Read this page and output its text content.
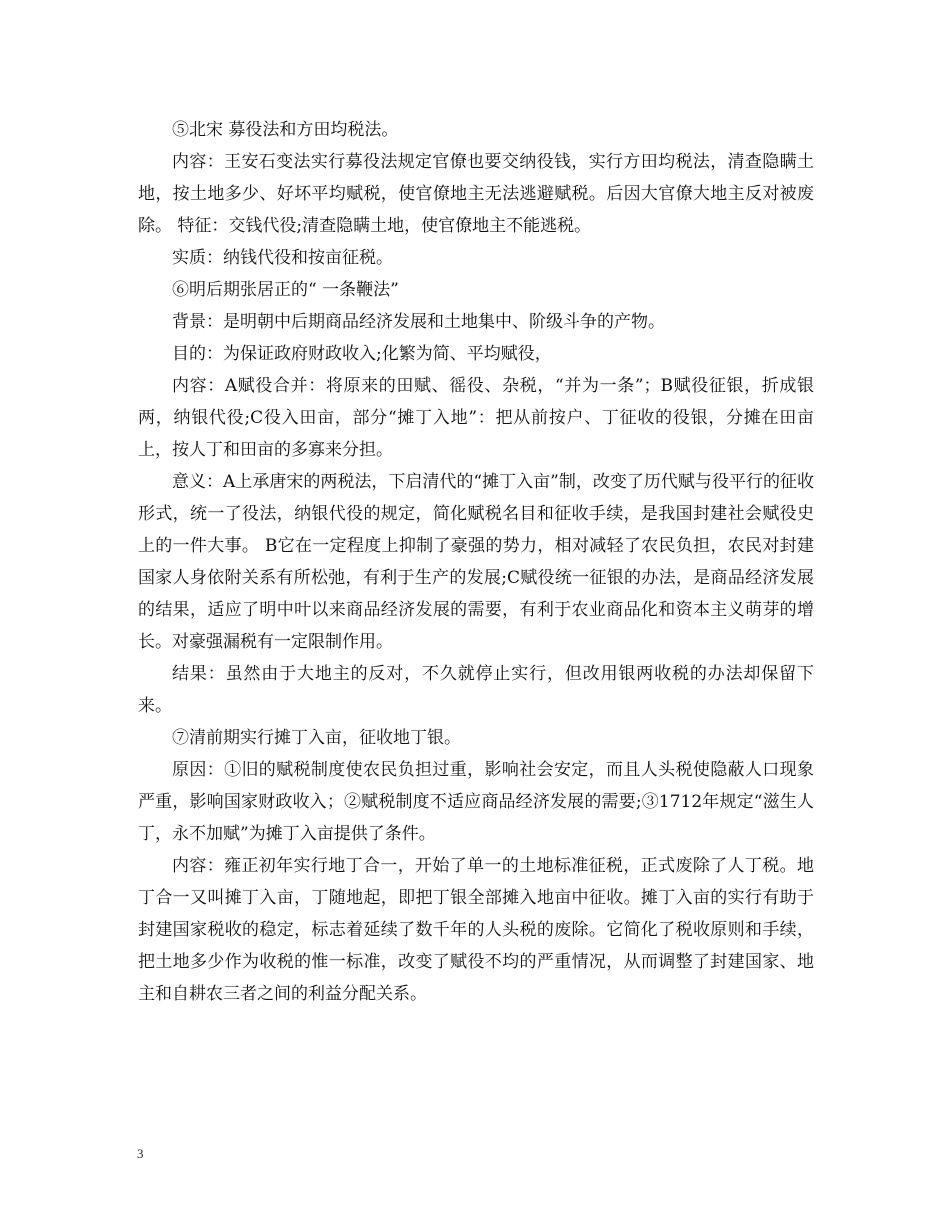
⑤北宋 募役法和方田均税法。

内容：王安石变法实行募役法规定官僚也要交纳役钱，实行方田均税法，清查隐瞒土地，按土地多少、好坏平均赋税，使官僚地主无法逃避赋税。后因大官僚大地主反对被废除。 特征：交钱代役;清查隐瞒土地，使官僚地主不能逃税。

实质：纳钱代役和按亩征税。

⑥明后期张居正的“ 一条鞭法”

背景：是明朝中后期商品经济发展和土地集中、阶级斗争的产物。

目的：为保证政府财政收入;化繁为简、平均赋役，

内容：A赋役合并：将原来的田赋、徭役、杂税，“并为一条”；B赋役征银，折成银两，纳银代役;C役入田亩，部分“摊丁入地”：把从前按户、丁征收的役银，分摊在田亩上，按人丁和田亩的多寡来分担。

意义：A上承唐宋的两税法，下启清代的“摊丁入亩”制，改变了历代赋与役平行的征收形式，统一了役法，纳银代役的规定，简化赋税名目和征收手续，是我国封建社会赋役史上的一件大事。 B它在一定程度上抑制了豪强的势力，相对减轻了农民负担，农民对封建国家人身依附关系有所松弛，有利于生产的发展;C赋役统一征银的办法，是商品经济发展的结果，适应了明中叶以来商品经济发展的需要，有利于农业商品化和资本主义萌芽的增长。对豪强漏税有一定限制作用。

结果：虽然由于大地主的反对，不久就停止实行，但改用银两收税的办法却保留下来。

⑦清前期实行摊丁入亩，征收地丁银。

原因：①旧的赋税制度使农民负担过重，影响社会安定，而且人头税使隐蔽人口现象严重，影响国家财政收入；②赋税制度不适应商品经济发展的需要;③1712年规定“滋生人丁，永不加赋”为摊丁入亩提供了条件。

内容：雍正初年实行地丁合一，开始了单一的土地标准征税，正式废除了人丁税。地丁合一又叫摊丁入亩，丁随地起，即把丁银全部摊入地亩中征收。摊丁入亩的实行有助于封建国家税收的稳定，标志着延续了数千年的人头税的废除。它简化了税收原则和手续，把土地多少作为收税的惟一标准，改变了赋役不均的严重情况，从而调整了封建国家、地主和自耕农三者之间的利益分配关系。

3
